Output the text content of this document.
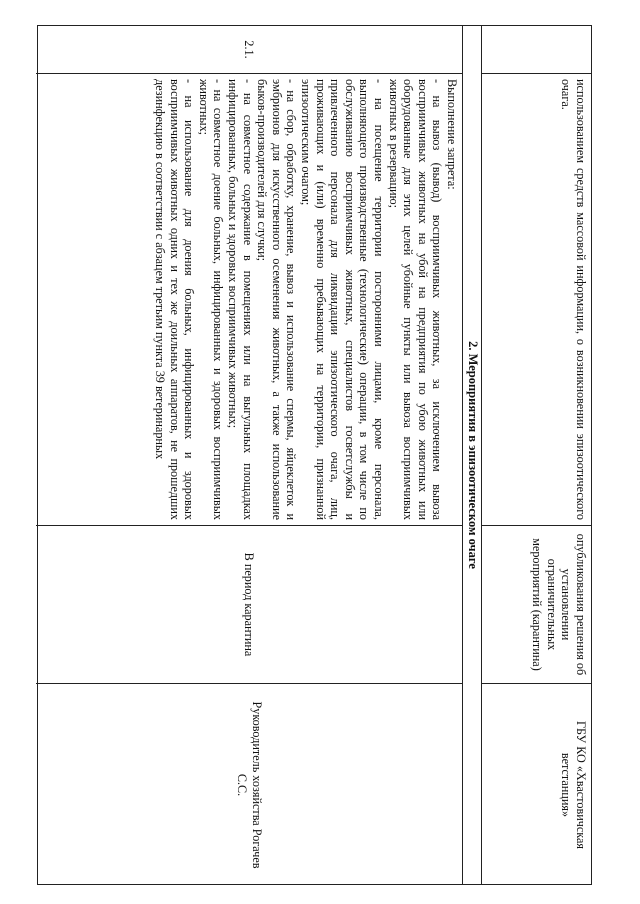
использованием средств массовой информации, о возникновении эпизоотического очага.
опубликования решения об установлении ограничительных мероприятий (карантина)
ГБУ КО «Хвастовичская ветстанция»
2. Мероприятия в эпизоотическом очаге
2.1.
Выполнение запрета:
- на вывоз (вывод) восприимчивых животных, за исключением вывоза восприимчивых животных на убой на предприятия по убою животных или оборудованные для этих целей убойные пункты или вывоза восприимчивых животных в резервацию;
- на посещение территории посторонними лицами, кроме персонала, выполняющего производственные (технологические) операции, в том числе по обслуживанию восприимчивых животных, специалистов госветслужбы и привлеченного персонала для ликвидации эпизоотического очага, лиц, проживающих и (или) временно пребывающих на территории, признанной эпизоотическим очагом;
- на сбор, обработку, хранение, вывоз и использование спермы, яйцеклеток и эмбрионов для искусственного осеменения животных, а также использование быков-производителей для случки;
- на совместное содержание в помещениях или на выгульных площадках инфицированных, больных и здоровых восприимчивых животных;
- на совместное доение больных, инфицированных и здоровых восприимчивых животных;
- на использование для доения больных, инфицированных и здоровых восприимчивых животных одних и тех же доильных аппаратов, не прошедших дезинфекцию в соответствии с абзацем третьим пункта 39 ветеринарных
В период карантина
Руководитель хозяйства Рогачев С.С.
